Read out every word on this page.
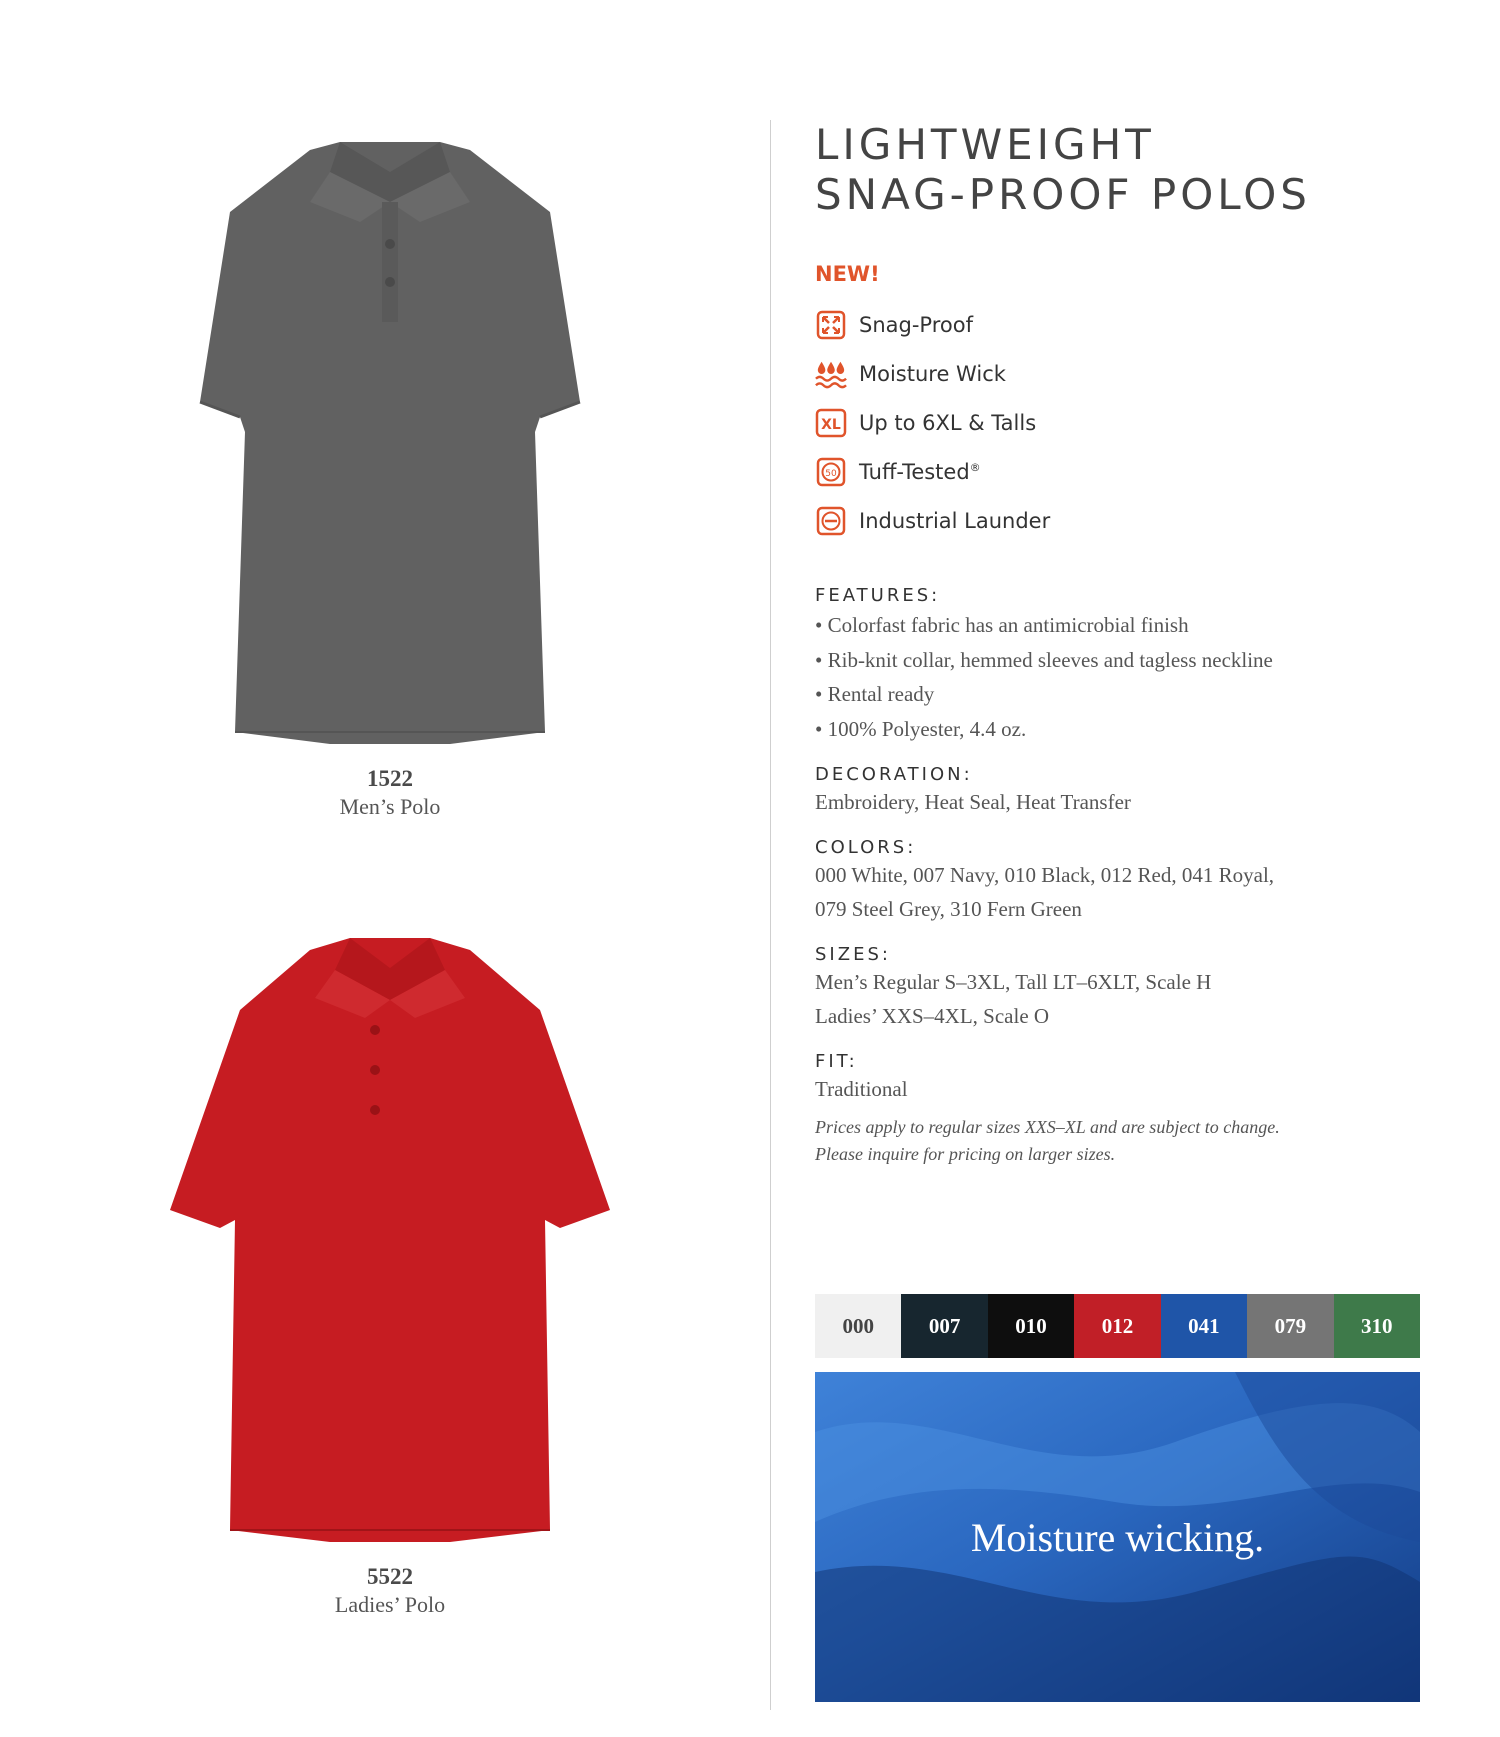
1522
Men’s Polo
5522
Ladies’ Polo
LIGHTWEIGHT
SNAG-PROOF POLOS
NEW!
Snag-Proof
Moisture Wick
XL Up to 6XL & Talls
50 Tuff-Tested®
Industrial Launder
FEATURES:
• Colorfast fabric has an antimicrobial finish
• Rib-knit collar, hemmed sleeves and tagless neckline
• Rental ready
• 100% Polyester, 4.4 oz.
DECORATION:
Embroidery, Heat Seal, Heat Transfer
COLORS:
000 White, 007 Navy, 010 Black, 012 Red, 041 Royal,
079 Steel Grey, 310 Fern Green
SIZES:
Men’s Regular S–3XL, Tall LT–6XLT, Scale H
Ladies’ XXS–4XL, Scale O
FIT:
Traditional
Prices apply to regular sizes XXS–XL and are subject to change.
Please inquire for pricing on larger sizes.
000	007	010	012	041	079	310
Moisture wicking.
